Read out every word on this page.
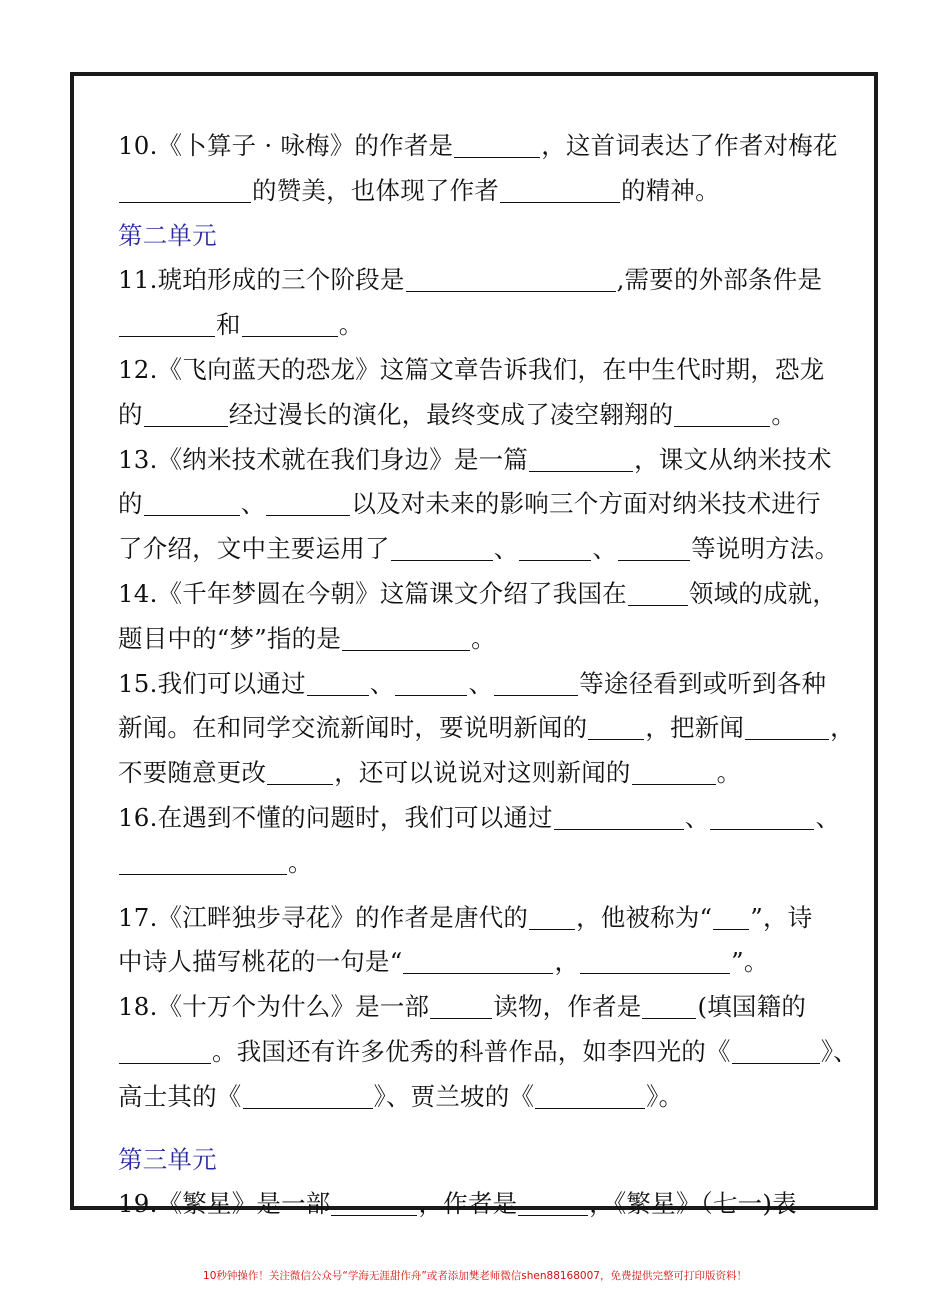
10.《卜算子 · 咏梅》的作者是	，这首词表达了作者对梅花
的赞美，也体现了作者	的精神。
第二单元
11.琥珀形成的三个阶段是	,需要的外部条件是
和	。
12.《飞向蓝天的恐龙》这篇文章告诉我们，在中生代时期，恐龙
的	经过漫长的演化，最终变成了凌空翱翔的	。
13.《纳米技术就在我们身边》是一篇	，课文从纳米技术
的	、	以及对未来的影响三个方面对纳米技术进行
了介绍，文中主要运用了	、	、	等说明方法。
14.《千年梦圆在今朝》这篇课文介绍了我国在	领域的成就，
题目中的“梦”指的是	。
15.我们可以通过	、	、	等途径看到或听到各种
新闻。在和同学交流新闻时，要说明新闻的 ，把新闻	，
不要随意更改	，还可以说说对这则新闻的	。
16.在遇到不懂的问题时，我们可以通过	、	、
。
17.《江畔独步寻花》的作者是唐代的 ，他被称为“ ”，诗
中诗人描写桃花的一句是“	，	”。
18.《十万个为什么》是一部	读物，作者是 (填国籍的
。我国还有许多优秀的科普作品，如李四光的《	》、
高士其的《	》、贾兰坡的《	》。
第三单元
19.《繁星》是一部	，作者是	，《繁星》（七一)表
10秒钟操作！关注微信公众号“学海无涯甜作舟”或者添加樊老师微信shen88168007，免费提供完整可打印版资料！
